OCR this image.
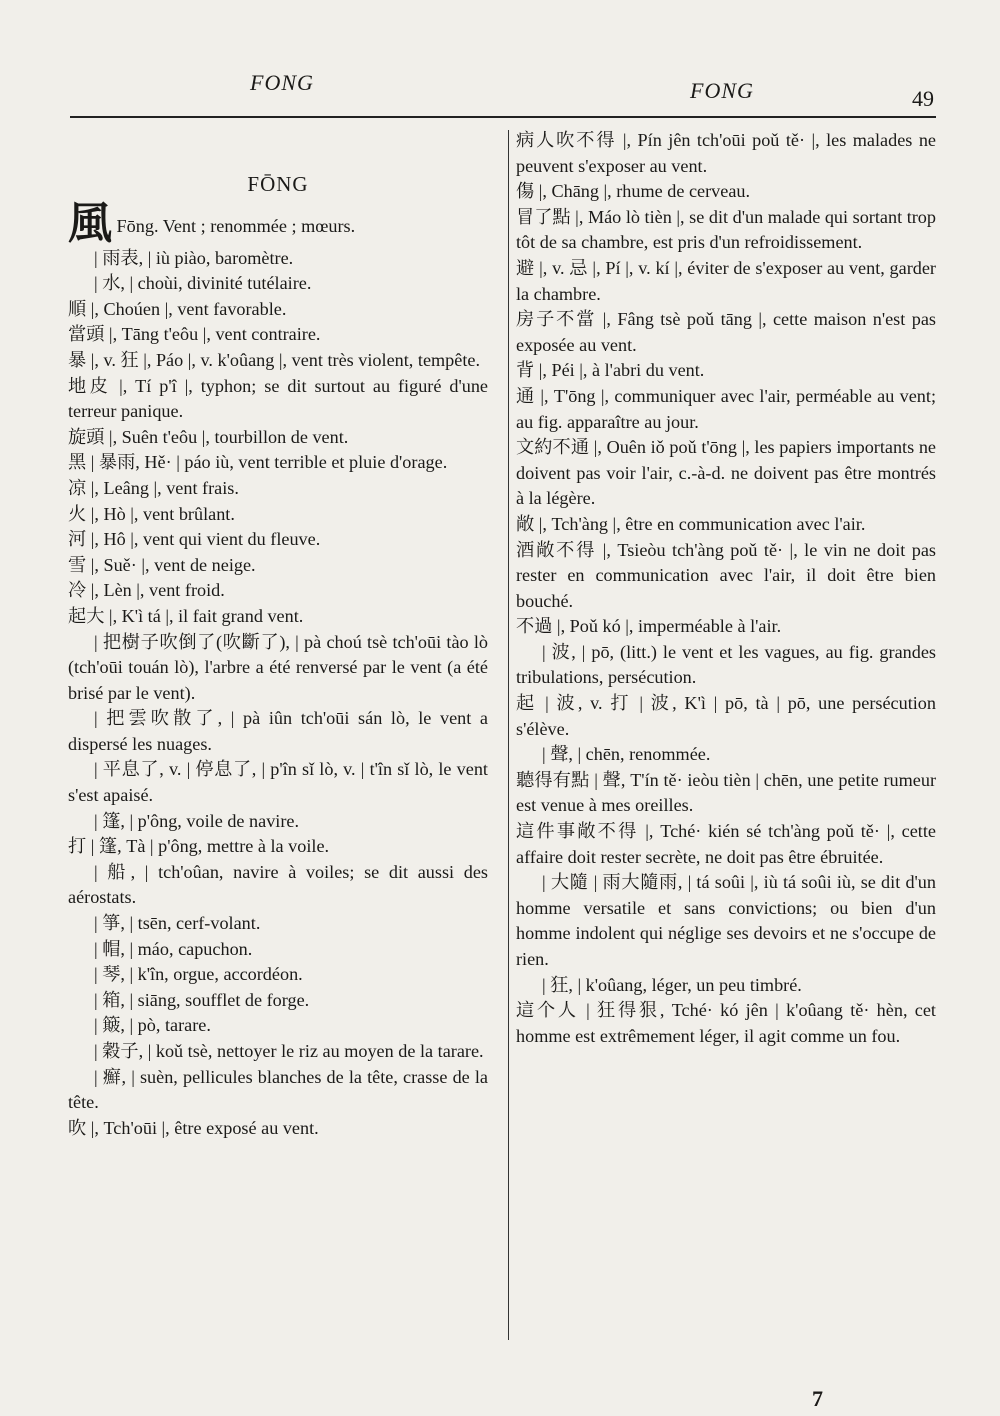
FONG	FONG	49
FŌNG

風 Fōng. Vent ; renommée ; mœurs.

| 雨表, | iù piào, baromètre.

| 水, | choùi, divinité tutélaire.

順 |, Choúen |, vent favorable.

當頭 |, Tāng t'eôu |, vent contraire.

暴 |, v. 狂 |, Páo |, v. k'oûang |, vent très violent, tempête.

地皮 |, Tí p'î |, typhon; se dit surtout au figuré d'une terreur panique.

旋頭 |, Suên t'eôu |, tourbillon de vent.

黑 | 暴雨, Hě· | páo iù, vent terrible et pluie d'orage.

凉 |, Leâng |, vent frais.

火 |, Hò |, vent brûlant.

河 |, Hô |, vent qui vient du fleuve.

雪 |, Suě· |, vent de neige.

冷 |, Lèn |, vent froid.

起大 |, K'ì tá |, il fait grand vent.

| 把樹子吹倒了(吹斷了), | pà choú tsè tch'oūi tào lò (tch'oūi touán lò), l'arbre a été renversé par le vent (a été brisé par le vent).

| 把雲吹散了, | pà iûn tch'oūi sán lò, le vent a dispersé les nuages.

| 平息了, v. | 停息了, | p'în sǐ lò, v. | t'în sǐ lò, le vent s'est apaisé.

| 篷, | p'ông, voile de navire.

打 | 篷, Tà | p'ông, mettre à la voile.

| 船, | tch'oûan, navire à voiles; se dit aussi des aérostats.

| 箏, | tsēn, cerf-volant.

| 帽, | máo, capuchon.

| 琴, | k'în, orgue, accordéon.

| 箱, | siāng, soufflet de forge.

| 簸, | pò, tarare.

| 穀子, | koǔ tsè, nettoyer le riz au moyen de la tarare.

| 癬, | suèn, pellicules blanches de la tête, crasse de la tête.

吹 |, Tch'oūi |, être exposé au vent.

病人吹不得 |, Pín jên tch'oūi poǔ tě· |, les malades ne peuvent s'exposer au vent.

傷 |, Chāng |, rhume de cerveau.

冒了點 |, Máo lò tièn |, se dit d'un malade qui sortant trop tôt de sa chambre, est pris d'un refroidissement.

避 |, v. 忌 |, Pí |, v. kí |, éviter de s'exposer au vent, garder la chambre.

房子不當 |, Fâng tsè poǔ tāng |, cette maison n'est pas exposée au vent.

背 |, Péi |, à l'abri du vent.

通 |, T'ōng |, communiquer avec l'air, perméable au vent; au fig. apparaître au jour.

文約不通 |, Ouên iǒ poǔ t'ōng |, les papiers importants ne doivent pas voir l'air, c.-à-d. ne doivent pas être montrés à la légère.

敞 |, Tch'àng |, être en communication avec l'air.

酒敞不得 |, Tsieòu tch'àng poǔ tě· |, le vin ne doit pas rester en communication avec l'air, il doit être bien bouché.

不過 |, Poǔ kó |, imperméable à l'air.

| 波, | pō, (litt.) le vent et les vagues, au fig. grandes tribulations, persécution.

起 | 波, v. 打 | 波, K'ì | pō, tà | pō, une persécution s'élève.

| 聲, | chēn, renommée.

聽得有點 | 聲, T'ín tě· ieòu tièn | chēn, une petite rumeur est venue à mes oreilles.

這件事敞不得 |, Tché· kién sé tch'àng poǔ tě· |, cette affaire doit rester secrète, ne doit pas être ébruitée.

| 大隨 | 雨大隨雨, | tá soûi |, iù tá soûi iù, se dit d'un homme versatile et sans convictions; ou bien d'un homme indolent qui néglige ses devoirs et ne s'occupe de rien.

| 狂, | k'oûang, léger, un peu timbré.

這个人 | 狂得狠, Tché· kó jên | k'oûang tě· hèn, cet homme est extrêmement léger, il agit comme un fou.

7
